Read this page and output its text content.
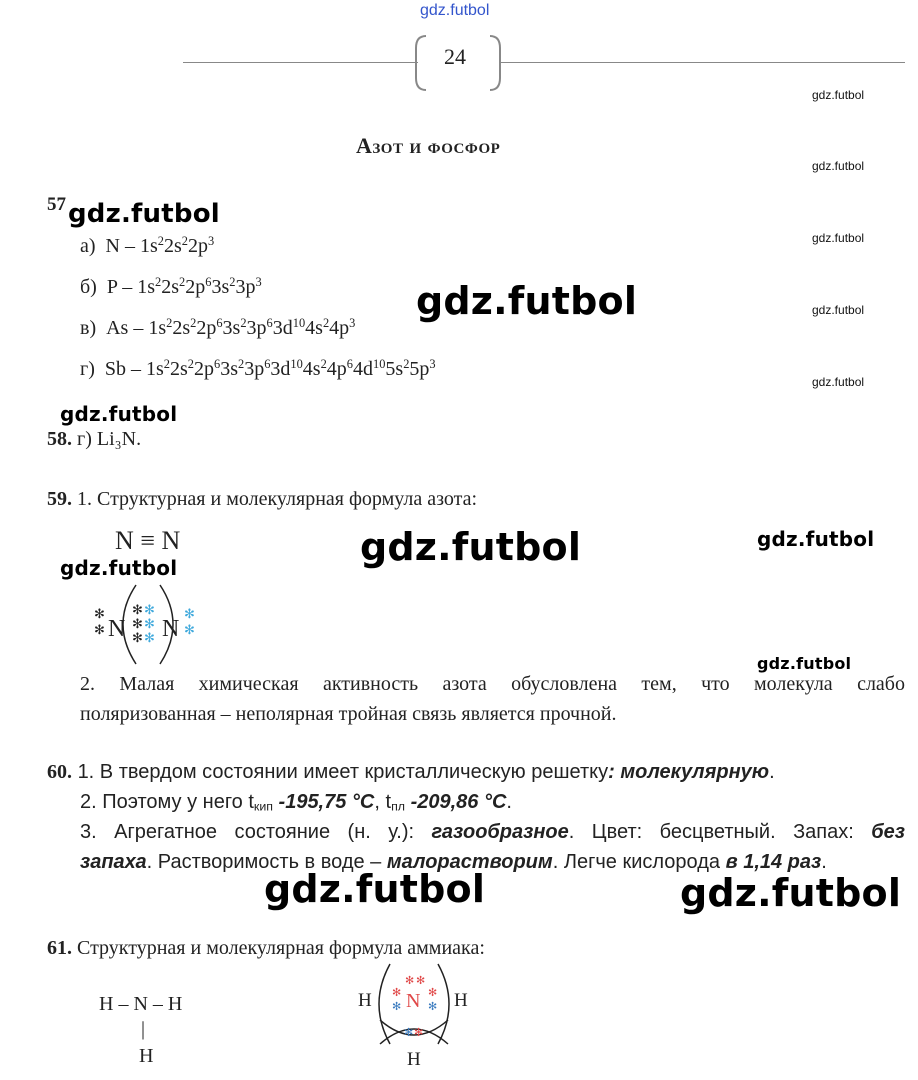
gdz.futbol
24
gdz.futbol
gdz.futbol
gdz.futbol
gdz.futbol
gdz.futbol
Азот и фосфор
57 gdz.futbol
а) N – $1s^22s^22p^3$
б) P – $1s^22s^22p^63s^23p^3$
в) As – $1s^22s^22p^63s^23p^63d^{10}4s^24p^3$
г) Sb – $1s^22s^22p^63s^23p^63d^{10}4s^24p^64d^{10}5s^25p^3$
gdz.futbol
gdz.futbol
58. г) Li₃N.
59. 1. Структурная и молекулярная формула азота:
N ≡ N	gdz.futbol	gdz.futbol
gdz.futbol
N N
✻
✻
✻
✻
✻
✻
✻
✻
✻
✻
gdz.futbol
2. Малая химическая активность азота обусловлена тем, что молекула слабо
поляризованная – неполярная тройная связь является прочной.
60. 1. В твердом состоянии имеет кристаллическую решетку: молекулярную.
2. Поэтому у него $t_{кип}$ -195,75 °С, $t_{пл}$ -209,86 °С.
3. Агрегатное состояние (н. у.): газообразное. Цвет: бесцветный. Запах: без
запаха. Растворимость в воде – малорастворим. Легче кислорода в 1,14 раз.
gdz.futbol	gdz.futbol
61. Структурная и молекулярная формула аммиака:
H – N – H
|
H
H	H
N
H
✻ ✻
✻ ✻
✻
✻ ✻
✻
